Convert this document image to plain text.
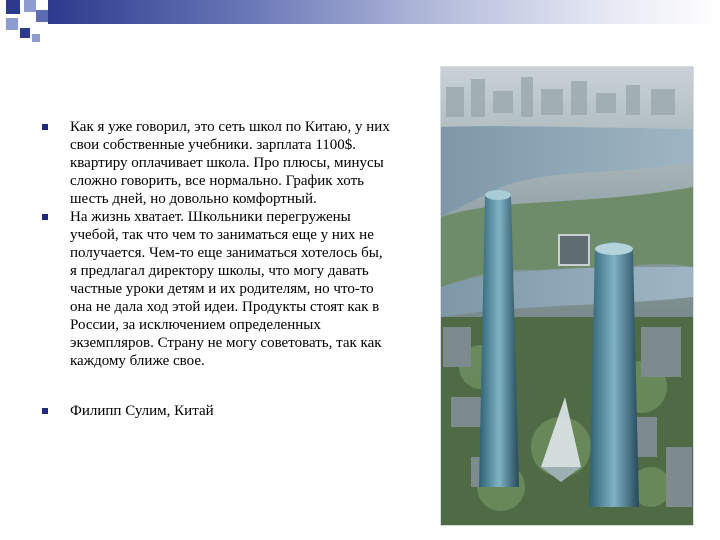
Как я уже говорил, это сеть школ по Китаю, у них свои собственные учебники. зарплата 1100$. квартиру оплачивает школа. Про плюсы, минусы сложно говорить, все нормально. График хоть шесть дней, но довольно комфортный.
На жизнь хватает. Школьники перегружены учебой, так что чем то заниматься еще у них не получается. Чем-то еще заниматься хотелось бы, я предлагал директору школы, что могу давать частные уроки детям и их родителям, но что-то она не дала ход этой идеи. Продукты стоят как в России, за исключением определенных экземпляров. Страну не могу советовать, так как каждому ближе свое.
Филипп Сулим, Китай
